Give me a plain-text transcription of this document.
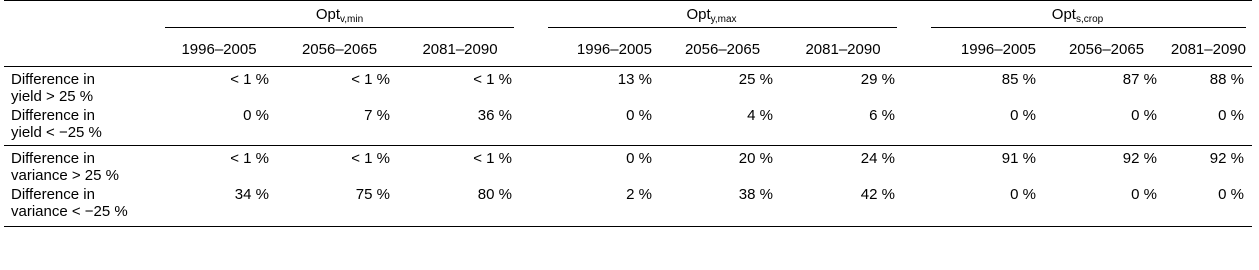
	Opt$_{v,min}$			Opt$_{y,max}$			Opt$_{s,crop}$

	1996–2005	2056–2065	2081–2090	1996–2005	2056–2065	2081–2090	1996–2005	2056–2065	2081–2090

Difference in
yield > 25 %	< 1 %	< 1 %	< 1 %	13 %	25 %	29 %	85 %	87 %	88 %
Difference in
yield < −25 %	0 %	7 %	36 %	0 %	4 %	6 %	0 %	0 %	0 %

Difference in
variance > 25 %	< 1 %	< 1 %	< 1 %	0 %	20 %	24 %	91 %	92 %	92 %
Difference in
variance < −25 %	34 %	75 %	80 %	2 %	38 %	42 %	0 %	0 %	0 %
